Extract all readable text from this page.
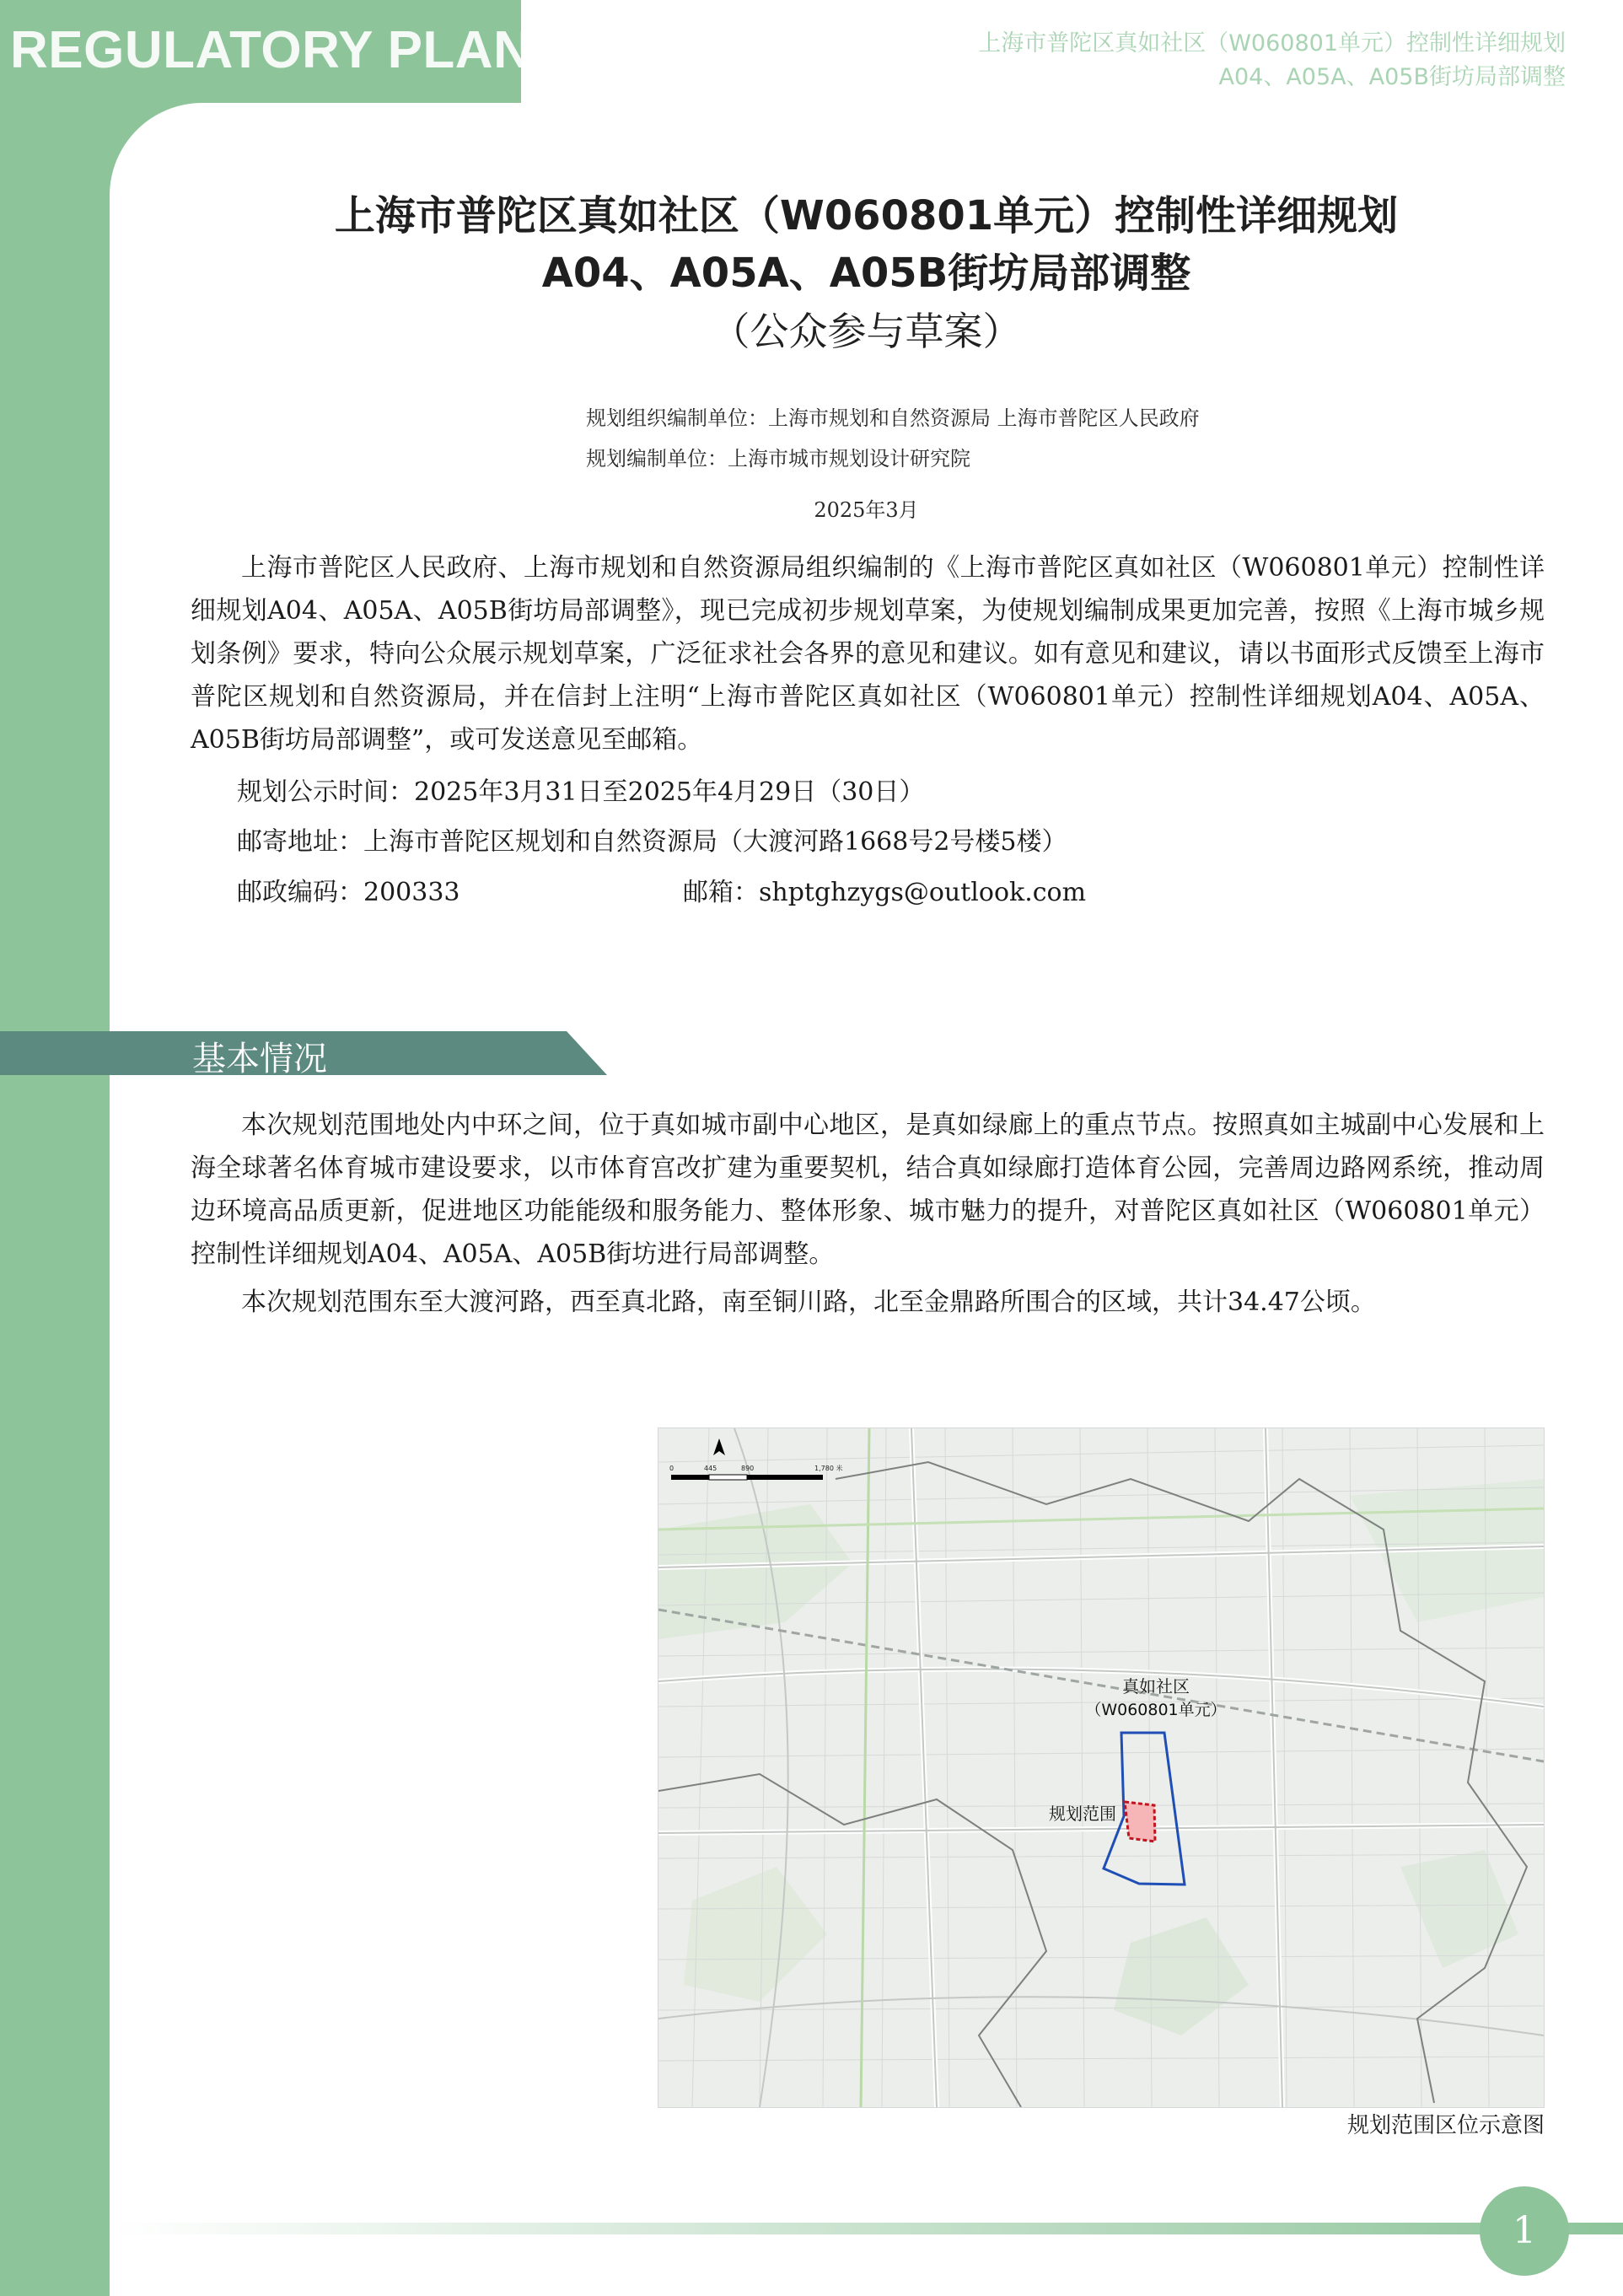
REGULATORY PLAN	上海市普陀区真如社区（W060801单元）控制性详细规划
A04、A05A、A05B街坊局部调整
上海市普陀区真如社区（W060801单元）控制性详细规划
A04、A05A、A05B街坊局部调整
（公众参与草案）
规划组织编制单位：上海市规划和自然资源局 上海市普陀区人民政府
规划编制单位：上海市城市规划设计研究院
2025年3月

上海市普陀区人民政府、上海市规划和自然资源局组织编制的《上海市普陀区真如社区（W060801单元）控制性详细规划A04、A05A、A05B街坊局部调整》，现已完成初步规划草案，为使规划编制成果更加完善，按照《上海市城乡规划条例》要求，特向公众展示规划草案，广泛征求社会各界的意见和建议。如有意见和建议，请以书面形式反馈至上海市普陀区规划和自然资源局，并在信封上注明“上海市普陀区真如社区（W060801单元）控制性详细规划A04、A05A、A05B街坊局部调整”，或可发送意见至邮箱。

规划公示时间：2025年3月31日至2025年4月29日（30日）
邮寄地址：上海市普陀区规划和自然资源局（大渡河路1668号2号楼5楼）
邮政编码：200333	邮箱：shptghzygs@outlook.com
基本情况

本次规划范围地处内中环之间，位于真如城市副中心地区，是真如绿廊上的重点节点。按照真如主城副中心发展和上海全球著名体育城市建设要求，以市体育宫改扩建为重要契机，结合真如绿廊打造体育公园，完善周边路网系统，推动周边环境高品质更新，促进地区功能能级和服务能力、整体形象、城市魅力的提升，对普陀区真如社区（W060801单元）控制性详细规划A04、A05A、A05B街坊进行局部调整。

本次规划范围东至大渡河路，西至真北路，南至铜川路，北至金鼎路所围合的区域，共计34.47公顷。

0	445	890	1,780 米
真如社区
（W060801单元）
规划范围
规划范围区位示意图
1
